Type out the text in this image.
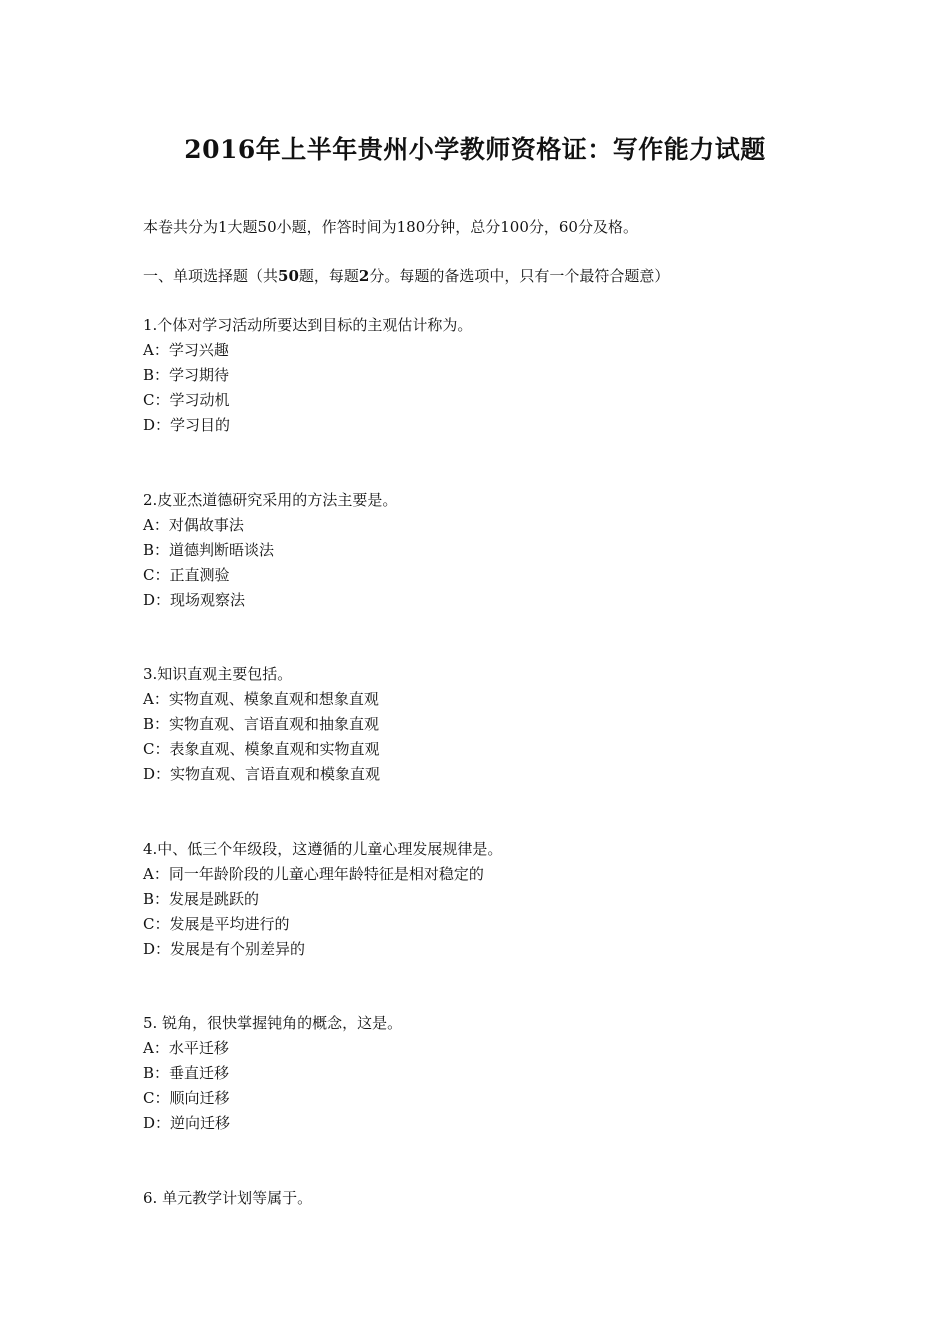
2016年上半年贵州小学教师资格证：写作能力试题
本卷共分为1大题50小题，作答时间为180分钟，总分100分，60分及格。
一、单项选择题（共50题，每题2分。每题的备选项中，只有一个最符合题意）
1.个体对学习活动所要达到目标的主观估计称为。
A：学习兴趣
B：学习期待
C：学习动机
D：学习目的
2.皮亚杰道德研究采用的方法主要是。
A：对偶故事法
B：道德判断晤谈法
C：正直测验
D：现场观察法
3.知识直观主要包括。
A：实物直观、模象直观和想象直观
B：实物直观、言语直观和抽象直观
C：表象直观、模象直观和实物直观
D：实物直观、言语直观和模象直观
4.中、低三个年级段，这遵循的儿童心理发展规律是。
A：同一年龄阶段的儿童心理年龄特征是相对稳定的
B：发展是跳跃的
C：发展是平均进行的
D：发展是有个别差异的
5. 锐角，很快掌握钝角的概念，这是。
A：水平迁移
B：垂直迁移
C：顺向迁移
D：逆向迁移
6. 单元教学计划等属于。
